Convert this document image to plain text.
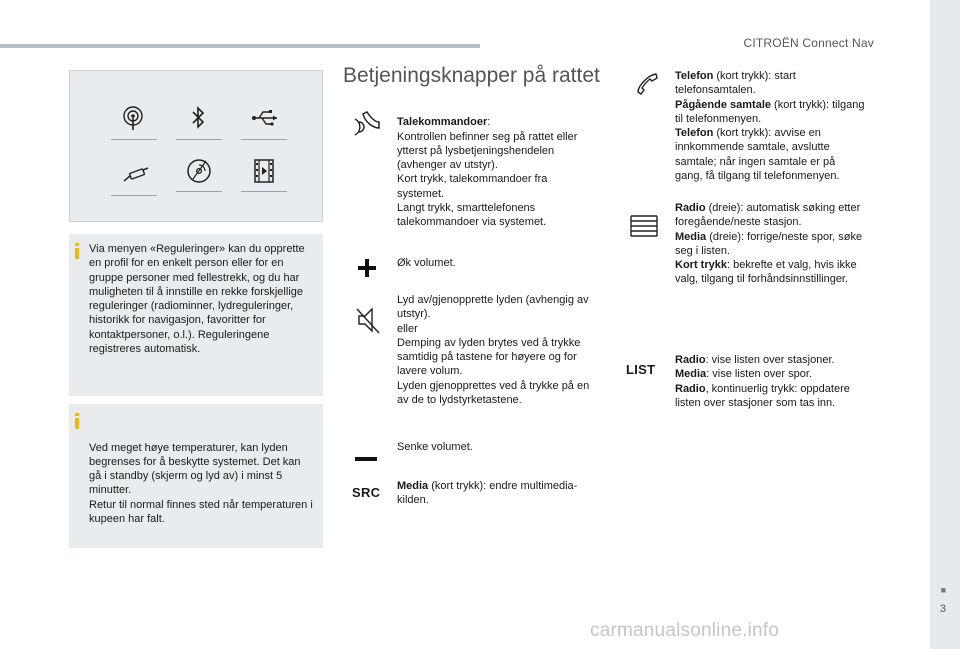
CITROËN Connect Nav
Via menyen «Reguleringer» kan du opprette en profil for en enkelt person eller for en gruppe personer med fellestrekk, og du har muligheten til å innstille en rekke forskjellige reguleringer (radiominner, lydreguleringer, historikk for navigasjon, favoritter for kontaktpersoner, o.l.). Reguleringene registreres automatisk.

Ved meget høye temperaturer, kan lyden begrenses for å beskytte systemet. Det kan gå i standby (skjerm og lyd av) i minst 5 minutter.
Retur til normal finnes sted når temperaturen i kupeen har falt.

Betjeningsknapper på rattet

Talekommandoer:
Kontrollen befinner seg på rattet eller ytterst på lysbetjeningshendelen (avhenger av utstyr).
Kort trykk, talekommandoer fra systemet.
Langt trykk, smarttelefonens talekommandoer via systemet.

Øk volumet.
Lyd av/gjenopprette lyden (avhengig av utstyr).
eller
Demping av lyden brytes ved å trykke samtidig på tastene for høyere og for lavere volum.
Lyden gjenopprettes ved å trykke på en av de to lydstyrketastene.
Senke volumet.
SRC Media (kort trykk): endre multimedia-kilden.
Telefon (kort trykk): start telefonsamtalen.
Pågående samtale (kort trykk): tilgang til telefonmenyen.
Telefon (kort trykk): avvise en innkommende samtale, avslutte samtale; når ingen samtale er på gang, få tilgang til telefonmenyen.
Radio (dreie): automatisk søking etter foregående/neste stasjon.
Media (dreie): forrige/neste spor, søke seg i listen.
Kort trykk: bekrefte et valg, hvis ikke valg, tilgang til forhåndsinnstillinger.
LIST
Radio: vise listen over stasjoner.
Media: vise listen over spor.
Radio, kontinuerlig trykk: oppdatere listen over stasjoner som tas inn.
■
3
carmanualsonline.info
